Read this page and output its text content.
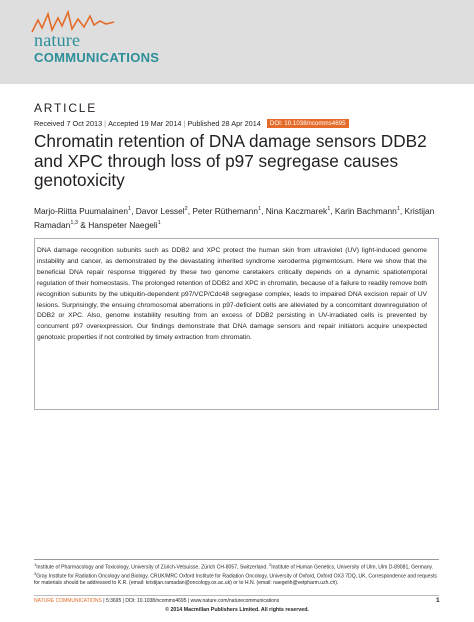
nature
COMMUNICATIONS
ARTICLE
Received 7 Oct 2013 | Accepted 19 Mar 2014 | Published 28 Apr 2014 DOI: 10.1038/ncomms4695
Chromatin retention of DNA damage sensors DDB2 and XPC through loss of p97 segregase causes genotoxicity
Marjo-Riitta Puumalainen$^1$, Davor Lessel$^2$, Peter Rüthemann$^1$, Nina Kaczmarek$^1$, Karin Bachmann$^1$, Kristijan Ramadan$^{1,3}$ & Hanspeter Naegeli$^1$
DNA damage recognition subunits such as DDB2 and XPC protect the human skin from ultraviolet (UV) light-induced genome instability and cancer, as demonstrated by the devastating inherited syndrome xeroderma pigmentosum. Here we show that the beneficial DNA repair response triggered by these two genome caretakers critically depends on a dynamic spatiotemporal regulation of their homeostasis. The prolonged retention of DDB2 and XPC in chromatin, because of a failure to readily remove both recognition subunits by the ubiquitin-dependent p97/VCP/Cdc48 segregase complex, leads to impaired DNA excision repair of UV lesions. Surprisingly, the ensuing chromosomal aberrations in p97-deficient cells are alleviated by a concomitant downregulation of DDB2 or XPC. Also, genome instability resulting from an excess of DDB2 persisting in UV-irradiated cells is prevented by concurrent p97 overexpression. Our findings demonstrate that DNA damage sensors and repair initiators acquire unexpected genotoxic properties if not controlled by timely extraction from chromatin.
$^1$Institute of Pharmacology and Toxicology, University of Zürich-Vetsuisse, Zürich CH-8057, Switzerland. $^2$Institute of Human Genetics, University of Ulm, Ulm D-89081, Germany. $^3$Gray Institute for Radiation Oncology and Biology, CRUK/MRC Oxford Institute for Radiation Oncology, University of Oxford, Oxford OX3 7DQ, UK. Correspondence and requests for materials should be addressed to K.R. (email: kristijan.ramadan@oncology.ox.ac.uk) or to H.N. (email: naegelih@vetpharm.uzh.ch).
NATURE COMMUNICATIONS | 5:3695 | DOI: 10.1038/ncomms4695 | www.nature.com/naturecommunications	1
© 2014 Macmillan Publishers Limited. All rights reserved.
